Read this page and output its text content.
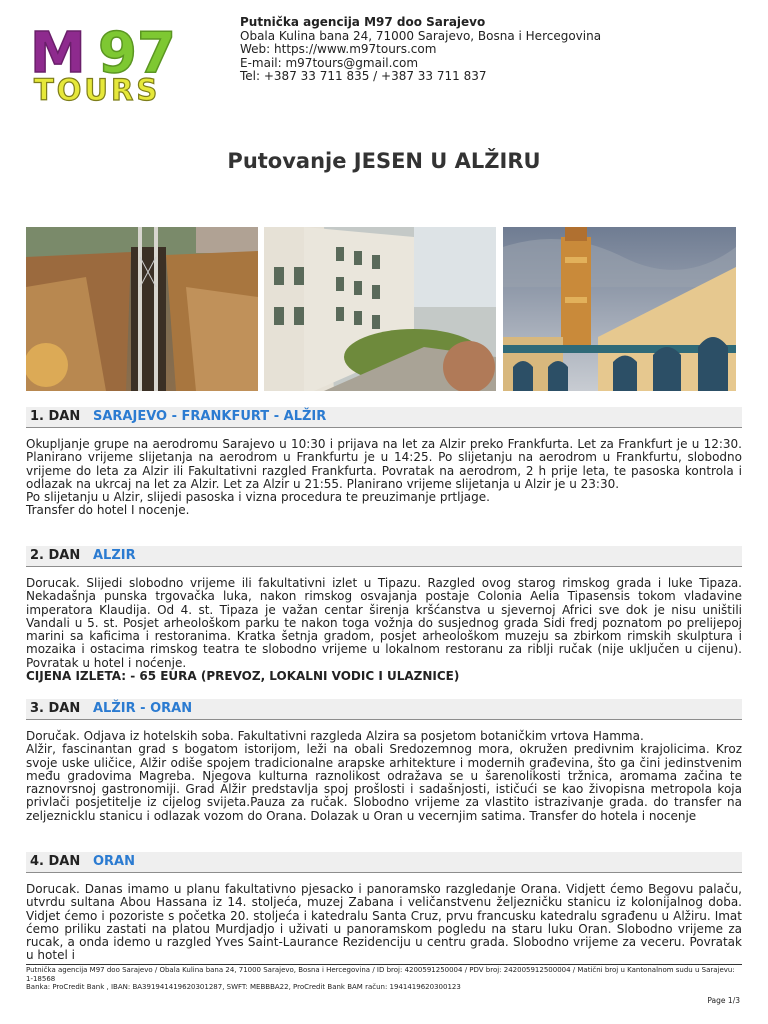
M 97
TOURS
Putnička agencija M97 doo Sarajevo
Obala Kulina bana 24, 71000 Sarajevo, Bosna i Hercegovina
Web: https://www.m97tours.com
E-mail: m97tours@gmail.com
Tel: +387 33 711 835 / +387 33 711 837
Putovanje JESEN U ALŽIRU
1. DAN SARAJEVO - FRANKFURT - ALŽIR

Okupljanje grupe na aerodromu Sarajevo u 10:30 i prijava na let za Alzir preko Frankfurta. Let za Frankfurt je u 12:30. Planirano vrijeme slijetanja na aerodrom u Frankfurtu je u 14:25. Po slijetanju na aerodrom u Frankfurtu, slobodno vrijeme do leta za Alzir ili Fakultativni razgled Frankfurta. Povratak na aerodrom, 2 h prije leta, te pasoska kontrola i odlazak na ukrcaj na let za Alzir. Let za Alzir u 21:55. Planirano vrijeme slijetanja u Alzir je u 23:30.

Po slijetanju u Alzir, slijedi pasoska i vizna procedura te preuzimanje prtljage.

Transfer do hotel I nocenje.

2. DAN ALZIR

Dorucak. Slijedi slobodno vrijeme ili fakultativni izlet u Tipazu. Razgled ovog starog rimskog grada i luke Tipaza. Nekadašnja punska trgovačka luka, nakon rimskog osvajanja postaje Colonia Aelia Tipasensis tokom vladavine imperatora Klaudija. Od 4. st. Tipaza je važan centar širenja kršćanstva u sjevernoj Africi sve dok je nisu uništili Vandali u 5. st. Posjet arheološkom parku te nakon toga vožnja do susjednog grada Sidi fredj poznatom po prelijepoj marini sa kaficima i restoranima. Kratka šetnja gradom, posjet arheološkom muzeju sa zbirkom rimskih skulptura i mozaika i ostacima rimskog teatra te slobodno vrijeme u lokalnom restoranu za riblji ručak (nije uključen u cijenu). Povratak u hotel i noćenje.

CIJENA IZLETA: - 65 EURA (PREVOZ, LOKALNI VODIC I ULAZNICE)

3. DAN ALŽIR - ORAN

Doručak. Odjava iz hotelskih soba. Fakultativni razgleda Alzira sa posjetom botaničkim vrtova Hamma.

Alžir, fascinantan grad s bogatom istorijom, leži na obali Sredozemnog mora, okružen predivnim krajolicima. Kroz svoje uske uličice, Alžir odiše spojem tradicionalne arapske arhitekture i modernih građevina, što ga čini jedinstvenim među gradovima Magreba. Njegova kulturna raznolikost odražava se u šarenolikosti tržnica, aromama začina te raznovrsnoj gastronomiji. Grad Alžir predstavlja spoj prošlosti i sadašnjosti, ističući se kao živopisna metropola koja privlači posjetitelje iz cijelog svijeta.Pauza za ručak. Slobodno vrijeme za vlastito istrazivanje grada. do transfer na zeljeznicklu stanicu i odlazak vozom do Orana. Dolazak u Oran u vecernjim satima. Transfer do hotela i nocenje

4. DAN ORAN

Dorucak. Danas imamo u planu fakultativno pjesacko i panoramsko razgledanje Orana. Vidjett ćemo Begovu palaču, utvrdu sultana Abou Hassana iz 14. stoljeća, muzej Zabana i veličanstvenu željezničku stanicu iz kolonijalnog doba. Vidjet ćemo i pozoriste s početka 20. stoljeća i katedralu Santa Cruz, prvu francusku katedralu sgrađenu u Alžiru. Imat ćemo priliku zastati na platou Murdjadjo i uživati u panoramskom pogledu na staru luku Oran. Slobodno vrijeme za rucak, a onda idemo u razgled Yves Saint-Laurance Rezidenciju u centru grada. Slobodno vrijeme za veceru. Povratak u hotel i

Putnička agencija M97 doo Sarajevo / Obala Kulina bana 24, 71000 Sarajevo, Bosna i Hercegovina / ID broj: 4200591250004 / PDV broj: 242005912500004 / Matični broj u Kantonalnom sudu u Sarajevu: 1-18568
Banka: ProCredit Bank , IBAN: BA391941419620301287, SWFT: MEBBBA22, ProCredit Bank BAM račun: 1941419620300123
Page 1/3
